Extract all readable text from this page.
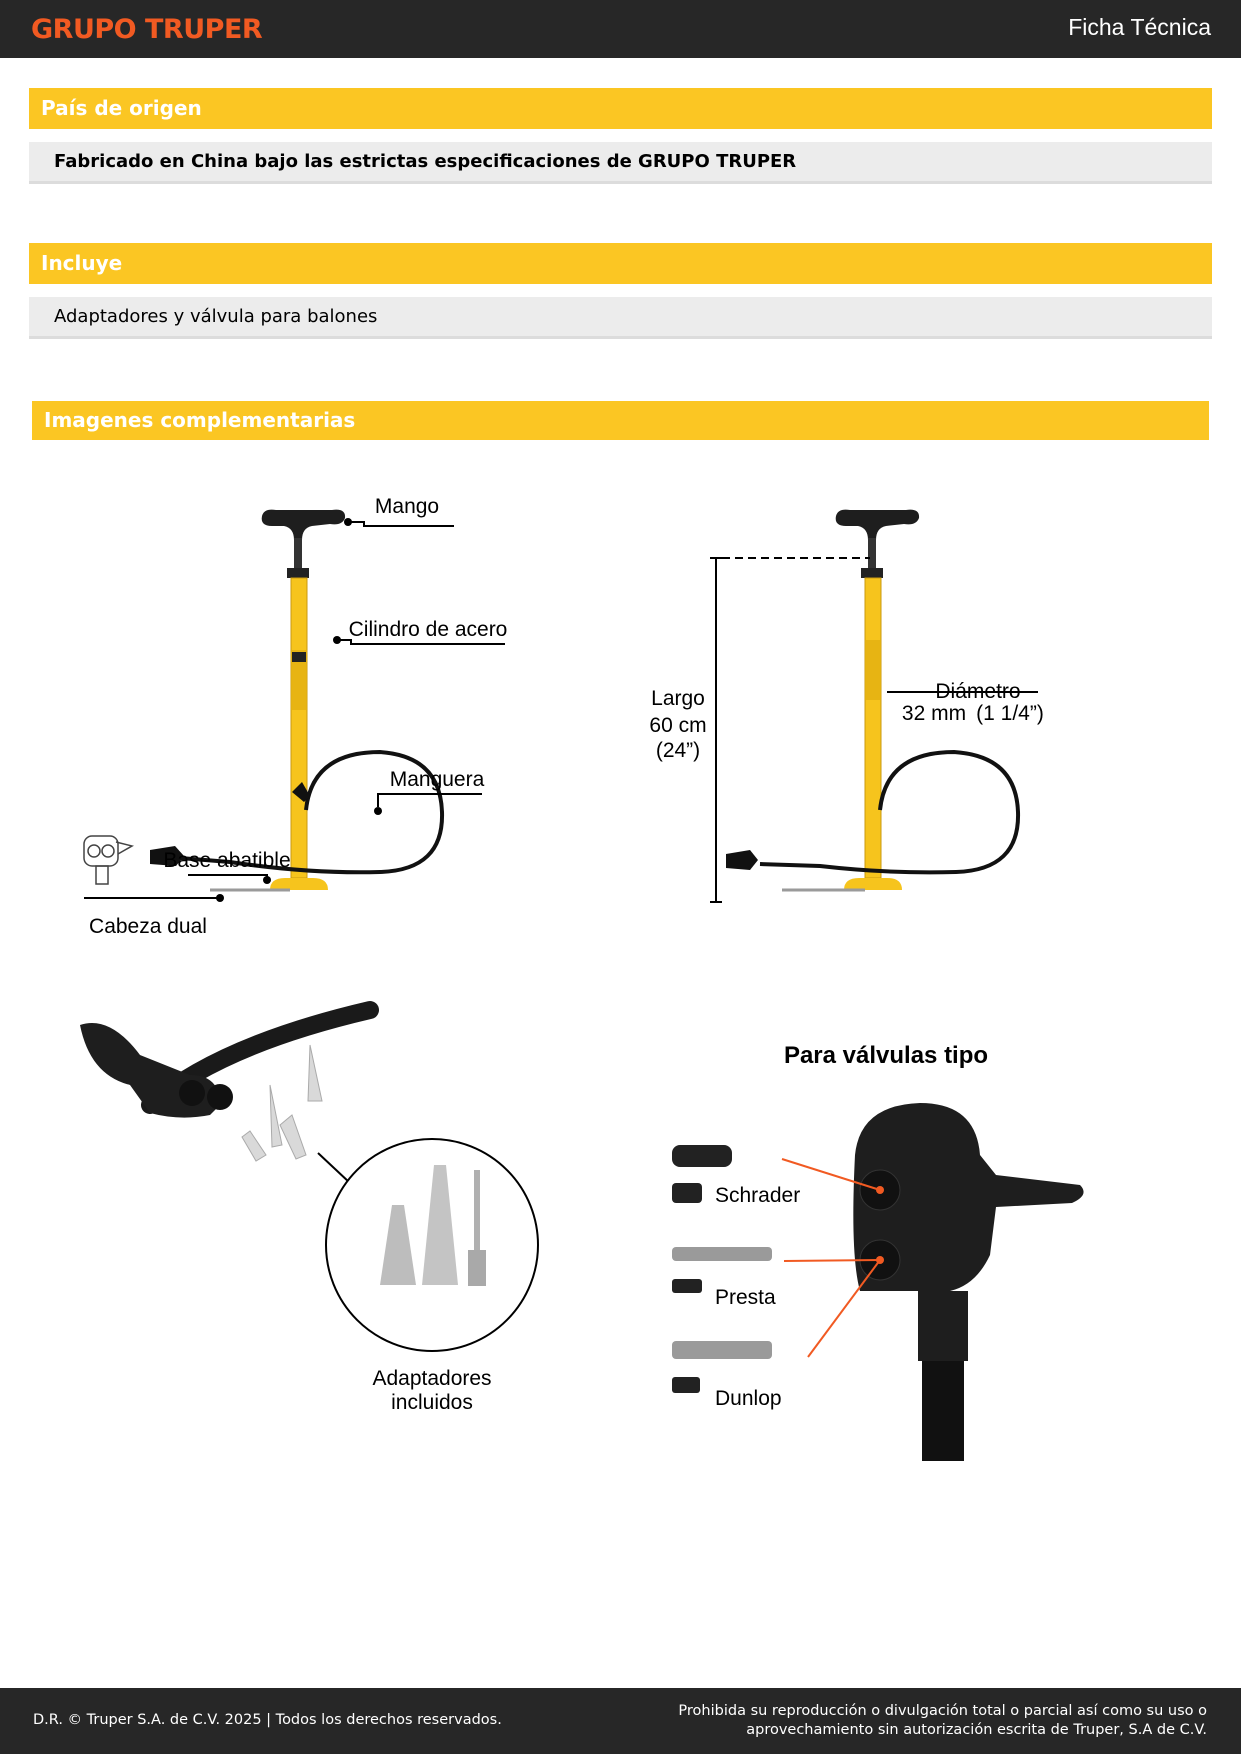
GRUPO TRUPER	Ficha Técnica
País de origen
Fabricado en China bajo las estrictas especificaciones de GRUPO TRUPER
Incluye
Adaptadores y válvula para balones
Imagenes complementarias
Mango
Cilindro de acero
Manguera
Base abatible
Cabeza dual
Largo
60 cm
(24”)
Diámetro
32 mm (1 1/4”)
Adaptadores
incluidos
Para válvulas tipo
Schrader
Presta
Dunlop
D.R. © Truper S.A. de C.V. 2025 | Todos los derechos reservados.
Prohibida su reproducción o divulgación total o parcial así como su uso o
aprovechamiento sin autorización escrita de Truper, S.A de C.V.
